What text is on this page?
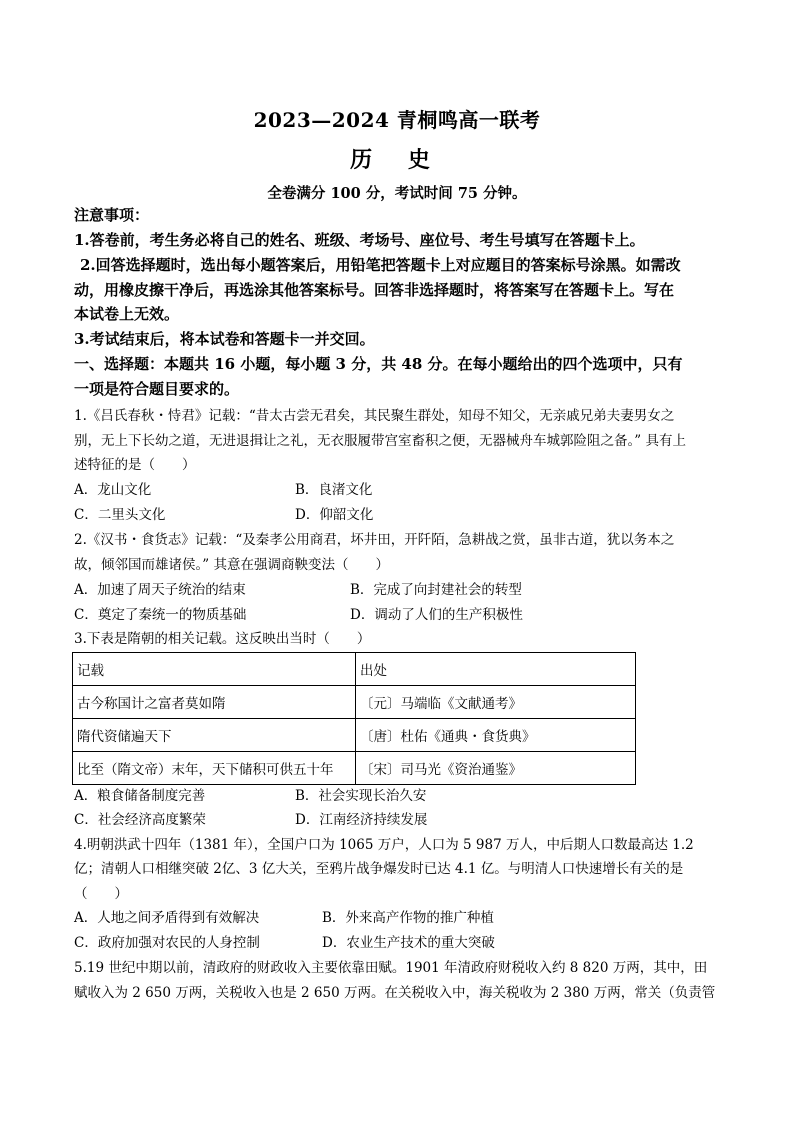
2023—2024 青桐鸣高一联考
历 史
全卷满分 100 分，考试时间 75 分钟。
注意事项：
1.答卷前，考生务必将自己的姓名、班级、考场号、座位号、考生号填写在答题卡上。
2.回答选择题时，选出每小题答案后，用铅笔把答题卡上对应题目的答案标号涂黑。如需改
动，用橡皮擦干净后，再选涂其他答案标号。回答非选择题时，将答案写在答题卡上。写在
本试卷上无效。
3.考试结束后，将本试卷和答题卡一并交回。
一、选择题：本题共 16 小题，每小题 3 分，共 48 分。在每小题给出的四个选项中，只有
一项是符合题目要求的。
1.《吕氏春秋・恃君》记载：“昔太古尝无君矣，其民聚生群处，知母不知父，无亲戚兄弟夫妻男女之
别，无上下长幼之道，无进退揖让之礼，无衣服履带宫室畜积之便，无器械舟车城郭险阻之备。” 具有上
述特征的是（　　）
A．龙山文化	B．良渚文化
C．二里头文化	D．仰韶文化
2.《汉书・食货志》记载：“及秦孝公用商君，坏井田，开阡陌，急耕战之赏，虽非古道，犹以务本之
故，倾邻国而雄诸侯。” 其意在强调商鞅变法（　　）
A．加速了周天子统治的结束	B．完成了向封建社会的转型
C．奠定了秦统一的物质基础	D．调动了人们的生产积极性
3.下表是隋朝的相关记载。这反映出当时（　　）
记载	出处
古今称国计之富者莫如隋	〔元〕马端临《文献通考》
隋代资储遍天下	〔唐〕杜佑《通典・食货典》
比至（隋文帝）末年，天下储积可供五十年	〔宋〕司马光《资治通鉴》
A．粮食储备制度完善	B．社会实现长治久安
C．社会经济高度繁荣	D．江南经济持续发展
4.明朝洪武十四年（1381 年），全国户口为 1065 万户，人口为 5 987 万人，中后期人口数最高达 1.2
亿；清朝人口相继突破 2亿、3 亿大关，至鸦片战争爆发时已达 4.1 亿。与明清人口快速增长有关的是
（　　）
A．人地之间矛盾得到有效解决	B．外来高产作物的推广种植
C．政府加强对农民的人身控制	D．农业生产技术的重大突破
5.19 世纪中期以前，清政府的财政收入主要依靠田赋。1901 年清政府财税收入约 8 820 万两，其中，田
赋收入为 2 650 万两，关税收入也是 2 650 万两。在关税收入中，海关税收为 2 380 万两，常关（负责管
